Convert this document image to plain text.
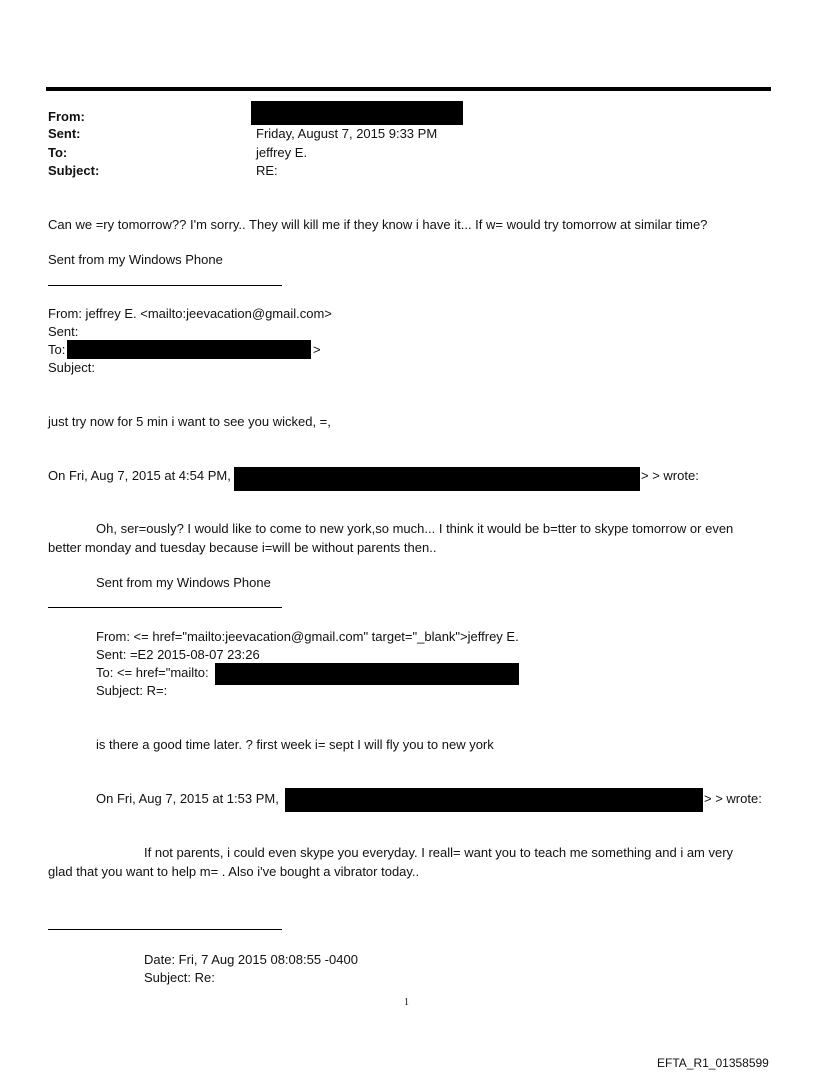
From:
Sent:	Friday, August 7, 2015 9:33 PM
To:	jeffrey E.
Subject:	RE:
Can we =ry tomorrow?? I'm sorry.. They will kill me if they know i have it... If w= would try tomorrow at similar time?
Sent from my Windows Phone
From: jeffrey E. <mailto:jeevacation@gmail.com>
Sent:
To:	>
Subject:
just try now for 5 min i want to see you wicked, =,
On Fri, Aug 7, 2015 at 4:54 PM,	> > wrote:
Oh, ser=ously? I would like to come to new york,so much... I think it would be b=tter to skype tomorrow or even
better monday and tuesday because i=will be without parents then..
Sent from my Windows Phone
From: <= href="mailto:jeevacation@gmail.com" target="_blank">jeffrey E.
Sent: =E2 2015-08-07 23:26
To: <= href="mailto:
Subject: R=:
is there a good time later. ? first week i= sept I will fly you to new york
On Fri, Aug 7, 2015 at 1:53 PM,	> > wrote:
If not parents, i could even skype you everyday. I reall= want you to teach me something and i am very
glad that you want to help m= . Also i've bought a vibrator today..
Date: Fri, 7 Aug 2015 08:08:55 -0400
Subject: Re:
1
EFTA_R1_01358599
